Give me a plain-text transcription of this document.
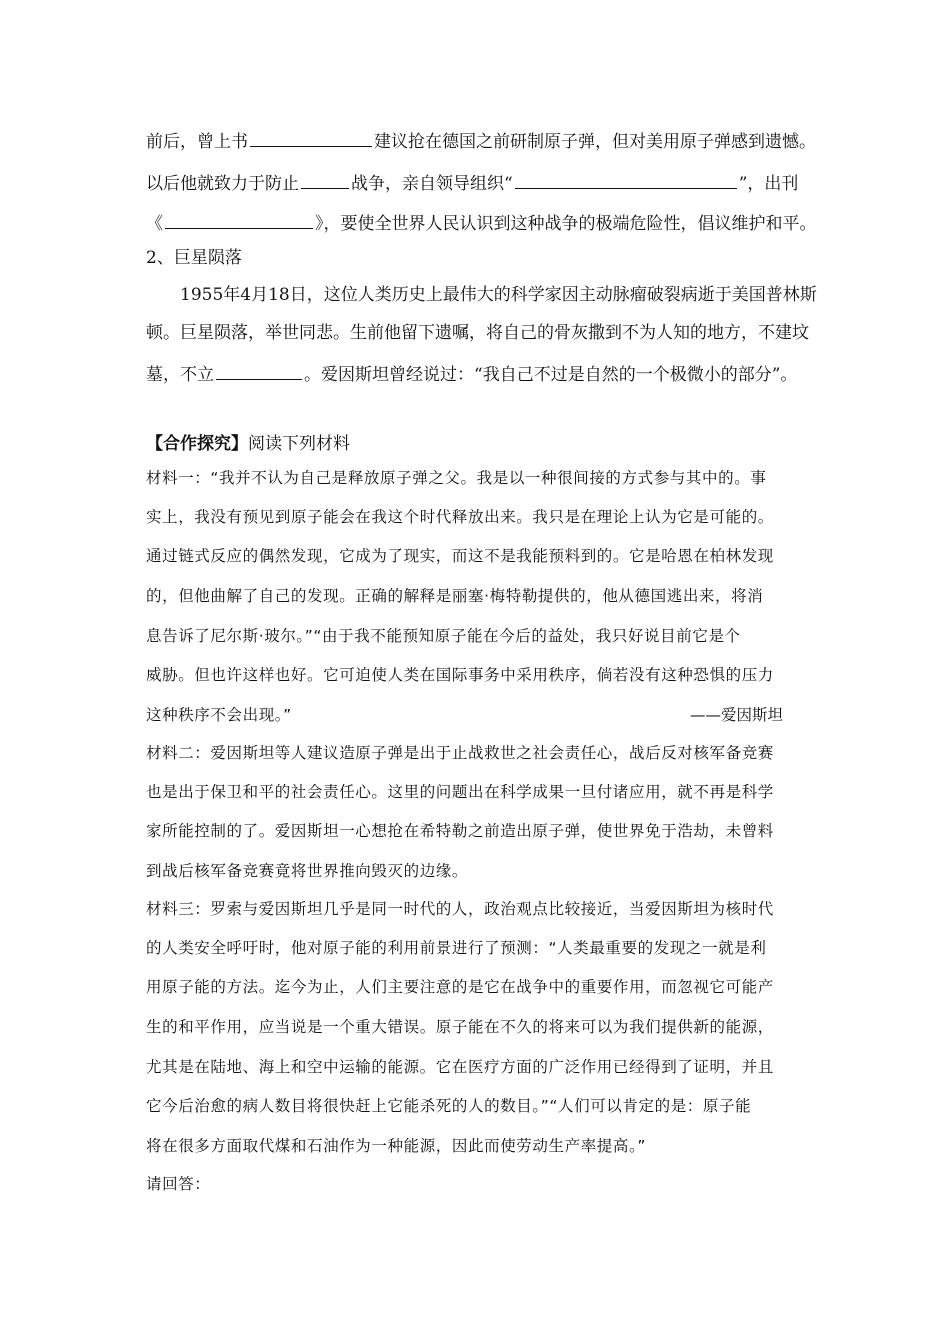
前后，曾上书	建议抢在德国之前研制原子弹，但对美用原子弹感到遗憾。
以后他就致力于防止	战争，亲自领导组织“	”，出刊
《	》，要使全世界人民认识到这种战争的极端危险性，倡议维护和平。
2、巨星陨落
1955年4月18日，这位人类历史上最伟大的科学家因主动脉瘤破裂病逝于美国普林斯
顿。巨星陨落，举世同悲。生前他留下遗嘱，将自己的骨灰撒到不为人知的地方，不建坟
墓，不立	。爱因斯坦曾经说过：“我自己不过是自然的一个极微小的部分”。
【合作探究】阅读下列材料
材料一：“我并不认为自己是释放原子弹之父。我是以一种很间接的方式参与其中的。事
实上，我没有预见到原子能会在我这个时代释放出来。我只是在理论上认为它是可能的。
通过链式反应的偶然发现，它成为了现实，而这不是我能预料到的。它是哈恩在柏林发现
的，但他曲解了自己的发现。正确的解释是丽塞·梅特勒提供的，他从德国逃出来，将消
息告诉了尼尔斯·玻尔。”“由于我不能预知原子能在今后的益处，我只好说目前它是个
威胁。但也许这样也好。它可迫使人类在国际事务中采用秩序，倘若没有这种恐惧的压力
这种秩序不会出现。”	——爱因斯坦
材料二：爱因斯坦等人建议造原子弹是出于止战救世之社会责任心，战后反对核军备竞赛
也是出于保卫和平的社会责任心。这里的问题出在科学成果一旦付诸应用，就不再是科学
家所能控制的了。爱因斯坦一心想抢在希特勒之前造出原子弹，使世界免于浩劫，未曾料
到战后核军备竞赛竟将世界推向毁灭的边缘。
材料三：罗索与爱因斯坦几乎是同一时代的人，政治观点比较接近，当爱因斯坦为核时代
的人类安全呼吁时，他对原子能的利用前景进行了预测：“人类最重要的发现之一就是利
用原子能的方法。迄今为止，人们主要注意的是它在战争中的重要作用，而忽视它可能产
生的和平作用，应当说是一个重大错误。原子能在不久的将来可以为我们提供新的能源，
尤其是在陆地、海上和空中运输的能源。它在医疗方面的广泛作用已经得到了证明，并且
它今后治愈的病人数目将很快赶上它能杀死的人的数目。”“人们可以肯定的是：原子能
将在很多方面取代煤和石油作为一种能源，因此而使劳动生产率提高。”
请回答：
